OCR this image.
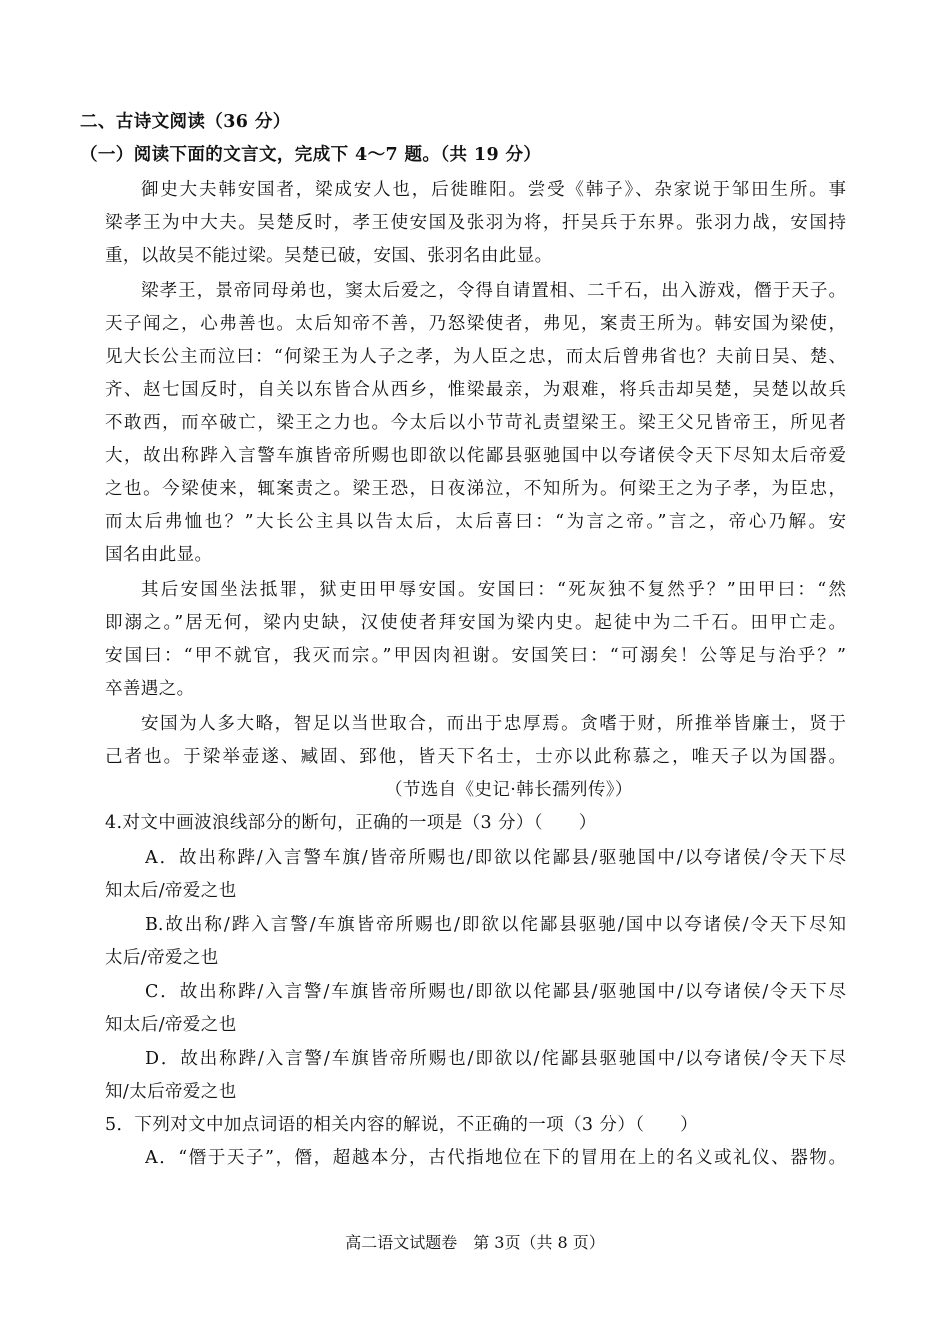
二、古诗文阅读（36 分）
（一）阅读下面的文言文，完成下 4～7 题。（共 19 分）
御史大夫韩安国者，梁成安人也，后徙睢阳。尝受《韩子》、杂家说于邹田生所。事
梁孝王为中大夫。吴楚反时，孝王使安国及张羽为将，扞吴兵于东界。张羽力战，安国持
重，以故吴不能过梁。吴楚已破，安国、张羽名由此显。
梁孝王，景帝同母弟也，窦太后爱之，令得自请置相、二千石，出入游戏，僭于天子。
天子闻之，心弗善也。太后知帝不善，乃怒梁使者，弗见，案责王所为。韩安国为梁使，
见大长公主而泣曰：“何梁王为人子之孝，为人臣之忠，而太后曾弗省也？夫前日吴、楚、
齐、赵七国反时，自关以东皆合从西乡，惟梁最亲，为艰难，将兵击却吴楚，吴楚以故兵
不敢西，而卒破亡，梁王之力也。今太后以小节苛礼责望梁王。梁王父兄皆帝王，所见者
大，故出称跸入言警车旗皆帝所赐也即欲以侘鄙县驱驰国中以夸诸侯令天下尽知太后帝爱
之也。今梁使来，辄案责之。梁王恐，日夜涕泣，不知所为。何梁王之为子孝，为臣忠，
而太后弗恤也？”大长公主具以告太后，太后喜曰：“为言之帝。”言之，帝心乃解。安
国名由此显。
其后安国坐法抵罪，狱吏田甲辱安国。安国曰：“死灰独不复然乎？”田甲曰：“然
即溺之。”居无何，梁内史缺，汉使使者拜安国为梁内史。起徒中为二千石。田甲亡走。
安国曰：“甲不就官，我灭而宗。”甲因肉袒谢。安国笑曰：“可溺矣！公等足与治乎？”
卒善遇之。
安国为人多大略，智足以当世取合，而出于忠厚焉。贪嗜于财，所推举皆廉士，贤于
己者也。于梁举壶遂、臧固、郅他，皆天下名士，士亦以此称慕之，唯天子以为国器。
（节选自《史记·韩长孺列传》）
4.对文中画波浪线部分的断句，正确的一项是（3 分）（　　）
A．故出称跸/入言警车旗/皆帝所赐也/即欲以侘鄙县/驱驰国中/以夸诸侯/令天下尽
知太后/帝爱之也
B.故出称/跸入言警/车旗皆帝所赐也/即欲以侘鄙县驱驰/国中以夸诸侯/令天下尽知
太后/帝爱之也
C．故出称跸/入言警/车旗皆帝所赐也/即欲以侘鄙县/驱驰国中/以夸诸侯/令天下尽
知太后/帝爱之也
D．故出称跸/入言警/车旗皆帝所赐也/即欲以/侘鄙县驱驰国中/以夸诸侯/令天下尽
知/太后帝爱之也
5．下列对文中加点词语的相关内容的解说，不正确的一项（3 分）（　　）
A．“僭于天子”，僭，超越本分，古代指地位在下的冒用在上的名义或礼仪、器物。
高二语文试题卷　第 3页（共 8 页）
